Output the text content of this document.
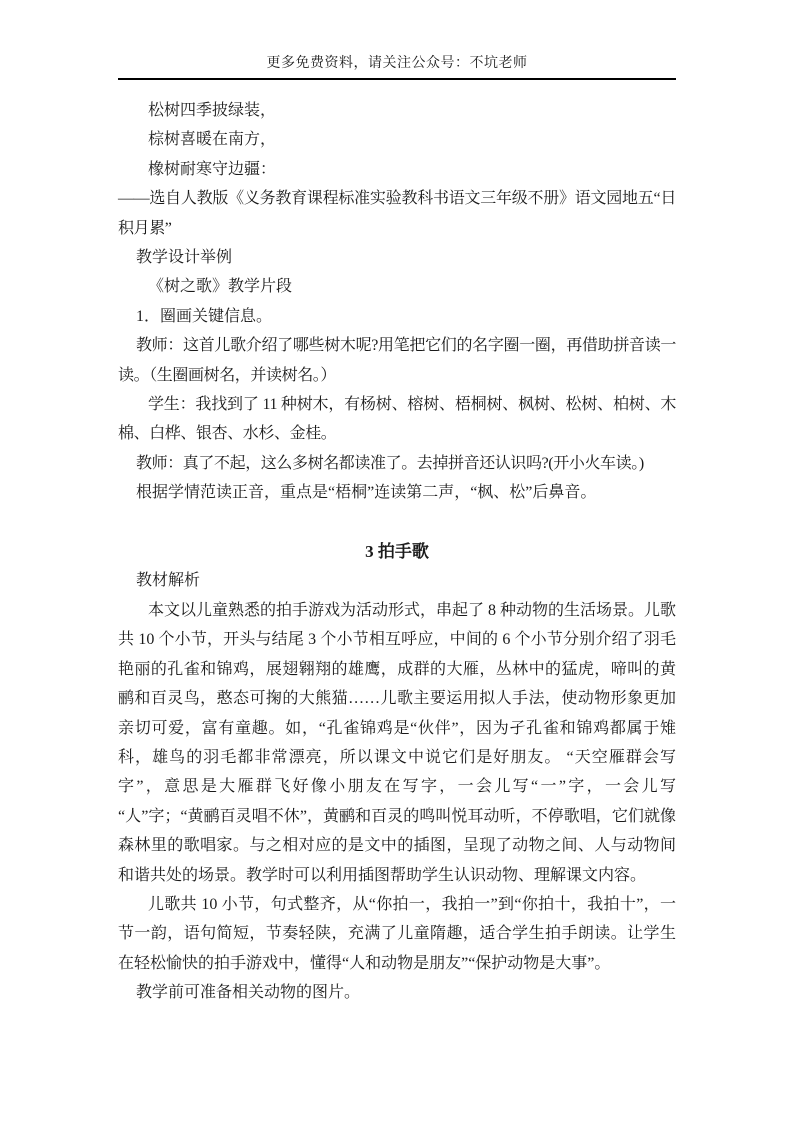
更多免费资料，请关注公众号：不坑老师

松树四季披绿装，

棕树喜暖在南方，

橡树耐寒守边疆：

——选自人教版《义务教育课程标准实验教科书语文三年级不册》语文园地五“日积月累”

教学设计举例

《树之歌》教学片段

1．圈画关键信息。

教师：这首儿歌介绍了哪些树木呢?用笔把它们的名字圈一圈，再借助拼音读一读。（生圈画树名，并读树名。）

学生：我找到了 11 种树木，有杨树、榕树、梧桐树、枫树、松树、柏树、木棉、白桦、银杏、水杉、金桂。

教师：真了不起，这么多树名都读准了。去掉拼音还认识吗?(开小火车读。)

根据学情范读正音，重点是“梧桐”连读第二声，“枫、松”后鼻音。

3 拍手歌

教材解析

本文以儿童熟悉的拍手游戏为活动形式，串起了 8 种动物的生活场景。儿歌共 10 个小节，开头与结尾 3 个小节相互呼应，中间的 6 个小节分别介绍了羽毛艳丽的孔雀和锦鸡，展翅翱翔的雄鹰，成群的大雁，丛林中的猛虎，啼叫的黄鹂和百灵鸟，憨态可掬的大熊猫……儿歌主要运用拟人手法，使动物形象更加亲切可爱，富有童趣。如，“孔雀锦鸡是“伙伴”，因为孑孔雀和锦鸡都属于雉科，雄鸟的羽毛都非常漂亮，所以课文中说它们是好朋友。 “天空雁群会写字”，意思是大雁群飞好像小朋友在写字，一会儿写“一”字，一会儿写 “人”字；“黄鹂百灵唱不休”，黄鹂和百灵的鸣叫悦耳动听，不停歌唱，它们就像森林里的歌唱家。与之相对应的是文中的插图，呈现了动物之间、人与动物间和谐共处的场景。教学时可以利用插图帮助学生认识动物、理解课文内容。

儿歌共 10 小节，句式整齐，从“你拍一，我拍一”到“你拍十，我拍十”，一节一韵，语句简短，节奏轻陕，充满了儿童隋趣，适合学生拍手朗读。让学生在轻松愉快的拍手游戏中，懂得“人和动物是朋友”“保护动物是大事”。

教学前可准备相关动物的图片。
